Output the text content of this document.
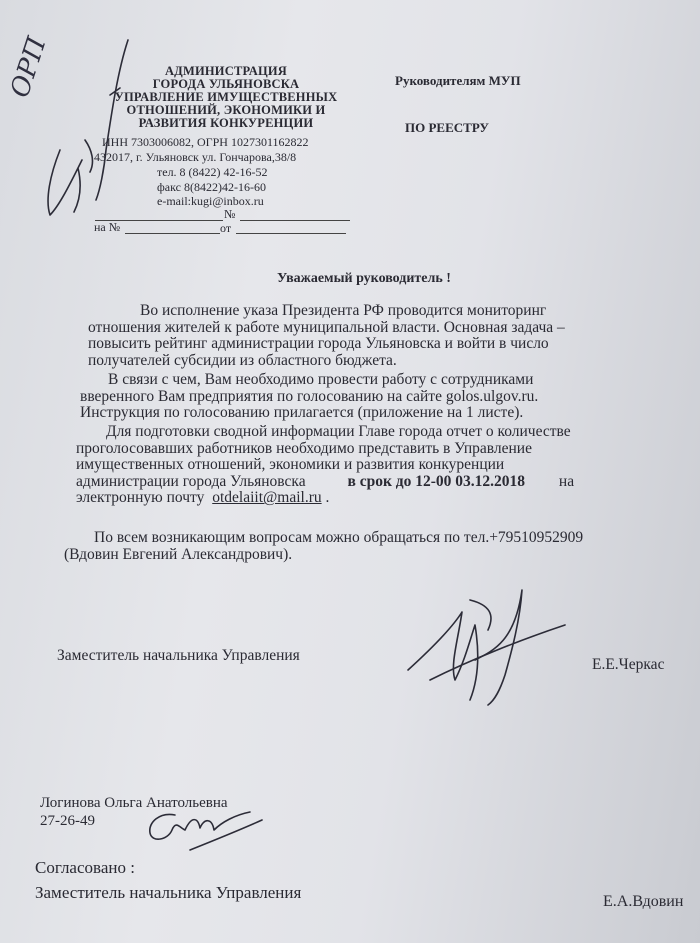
АДМИНИСТРАЦИЯ
ГОРОДА УЛЬЯНОВСКА
УПРАВЛЕНИЕ ИМУЩЕСТВЕННЫХ
ОТНОШЕНИЙ, ЭКОНОМИКИ И
РАЗВИТИЯ КОНКУРЕНЦИИ
ИНН 7303006082, ОГРН 1027301162822
432017, г. Ульяновск ул. Гончарова,38/8
тел. 8 (8422) 42-16-52
факс 8(8422)42-16-60
e-mail:kugi@inbox.ru
№
на №	от
Руководителям МУП
ПО РЕЕСТРУ
ОРП
Уважаемый руководитель !
Во исполнение указа Президента РФ проводится мониторинг
отношения жителей к работе муниципальной власти. Основная задача –
повысить рейтинг администрации города Ульяновска и войти в число
получателей субсидии из областного бюджета.
В связи с чем, Вам необходимо провести работу с сотрудниками
вверенного Вам предприятия по голосованию на сайте golos.ulgov.ru.
Инструкция по голосованию прилагается (приложение на 1 листе).
Для подготовки сводной информации Главе города отчет о количестве
проголосовавших работников необходимо представить в Управление
имущественных отношений, экономики и развития конкуренции
администрации города Ульяновска	в срок до 12-00 03.12.2018 на
электронную почту otdelaiit@mail.ru .
По всем возникающим вопросам можно обращаться по тел.+79510952909
(Вдовин Евгений Александрович).
Заместитель начальника Управления
Е.Е.Черкас
Логинова Ольга Анатольевна
27-26-49
Согласовано :
Заместитель начальника Управления	Е.А.Вдовин
